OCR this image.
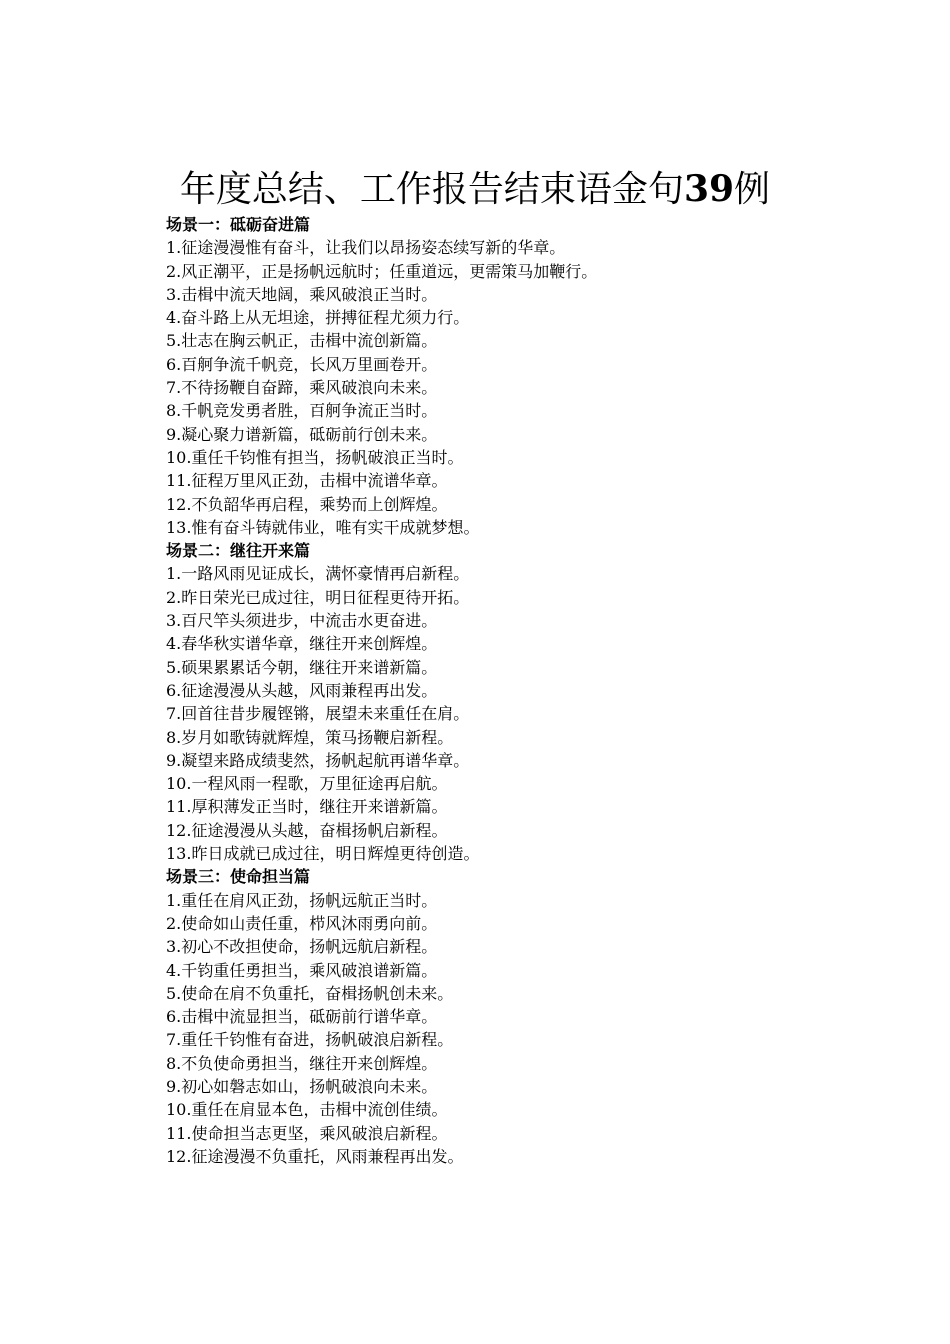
年度总结、工作报告结束语金句39例
场景一：砥砺奋进篇
1.征途漫漫惟有奋斗，让我们以昂扬姿态续写新的华章。
2.风正潮平，正是扬帆远航时；任重道远，更需策马加鞭行。
3.击楫中流天地阔，乘风破浪正当时。
4.奋斗路上从无坦途，拼搏征程尤须力行。
5.壮志在胸云帆正，击楫中流创新篇。
6.百舸争流千帆竞，长风万里画卷开。
7.不待扬鞭自奋蹄，乘风破浪向未来。
8.千帆竞发勇者胜，百舸争流正当时。
9.凝心聚力谱新篇，砥砺前行创未来。
10.重任千钧惟有担当，扬帆破浪正当时。
11.征程万里风正劲，击楫中流谱华章。
12.不负韶华再启程，乘势而上创辉煌。
13.惟有奋斗铸就伟业，唯有实干成就梦想。
场景二：继往开来篇
1.一路风雨见证成长，满怀豪情再启新程。
2.昨日荣光已成过往，明日征程更待开拓。
3.百尺竿头须进步，中流击水更奋进。
4.春华秋实谱华章，继往开来创辉煌。
5.硕果累累话今朝，继往开来谱新篇。
6.征途漫漫从头越，风雨兼程再出发。
7.回首往昔步履铿锵，展望未来重任在肩。
8.岁月如歌铸就辉煌，策马扬鞭启新程。
9.凝望来路成绩斐然，扬帆起航再谱华章。
10.一程风雨一程歌，万里征途再启航。
11.厚积薄发正当时，继往开来谱新篇。
12.征途漫漫从头越，奋楫扬帆启新程。
13.昨日成就已成过往，明日辉煌更待创造。
场景三：使命担当篇
1.重任在肩风正劲，扬帆远航正当时。
2.使命如山责任重，栉风沐雨勇向前。
3.初心不改担使命，扬帆远航启新程。
4.千钧重任勇担当，乘风破浪谱新篇。
5.使命在肩不负重托，奋楫扬帆创未来。
6.击楫中流显担当，砥砺前行谱华章。
7.重任千钧惟有奋进，扬帆破浪启新程。
8.不负使命勇担当，继往开来创辉煌。
9.初心如磐志如山，扬帆破浪向未来。
10.重任在肩显本色，击楫中流创佳绩。
11.使命担当志更坚，乘风破浪启新程。
12.征途漫漫不负重托，风雨兼程再出发。
